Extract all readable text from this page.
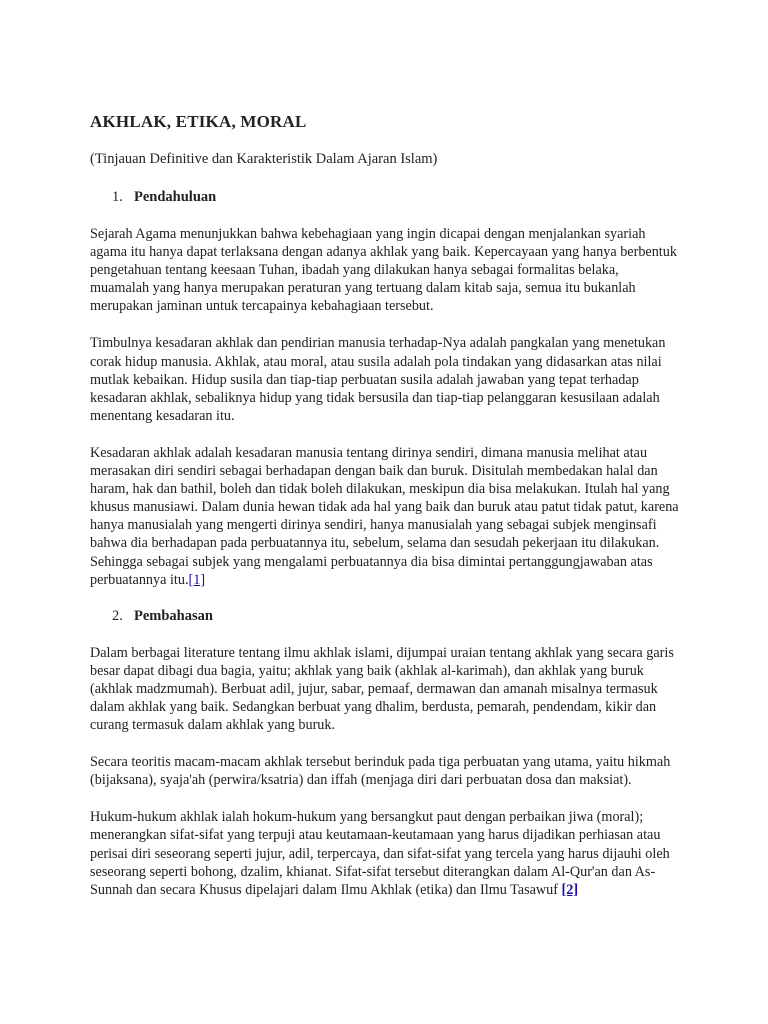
AKHLAK, ETIKA, MORAL
(Tinjauan Definitive dan Karakteristik Dalam Ajaran Islam)
1. Pendahuluan

Sejarah Agama menunjukkan bahwa kebehagiaan yang ingin dicapai dengan menjalankan syariah agama itu hanya dapat terlaksana dengan adanya akhlak yang baik. Kepercayaan yang hanya berbentuk pengetahuan tentang keesaan Tuhan, ibadah yang dilakukan hanya sebagai formalitas belaka, muamalah yang hanya merupakan peraturan yang tertuang dalam kitab saja, semua itu bukanlah merupakan jaminan untuk tercapainya kebahagiaan tersebut.

Timbulnya kesadaran akhlak dan pendirian manusia terhadap-Nya adalah pangkalan yang menetukan corak hidup manusia. Akhlak, atau moral, atau susila adalah pola tindakan yang didasarkan atas nilai mutlak kebaikan. Hidup susila dan tiap-tiap perbuatan susila adalah jawaban yang tepat terhadap kesadaran akhlak, sebaliknya hidup yang tidak bersusila dan tiap-tiap pelanggaran kesusilaan adalah menentang kesadaran itu.

Kesadaran akhlak adalah kesadaran manusia tentang dirinya sendiri, dimana manusia melihat atau merasakan diri sendiri sebagai berhadapan dengan baik dan buruk. Disitulah membedakan halal dan haram, hak dan bathil, boleh dan tidak boleh dilakukan, meskipun dia bisa melakukan. Itulah hal yang khusus manusiawi. Dalam dunia hewan tidak ada hal yang baik dan buruk atau patut tidak patut, karena hanya manusialah yang mengerti dirinya sendiri, hanya manusialah yang sebagai subjek menginsafi bahwa dia berhadapan pada perbuatannya itu, sebelum, selama dan sesudah pekerjaan itu dilakukan. Sehingga sebagai subjek yang mengalami perbuatannya dia bisa dimintai pertanggungjawaban atas perbuatannya itu.[1]

2. Pembahasan

Dalam berbagai literature tentang ilmu akhlak islami, dijumpai uraian tentang akhlak yang secara garis besar dapat dibagi dua bagia, yaitu; akhlak yang baik (akhlak al-karimah), dan akhlak yang buruk (akhlak madzmumah). Berbuat adil, jujur, sabar, pemaaf, dermawan dan amanah misalnya termasuk dalam akhlak yang baik. Sedangkan berbuat yang dhalim, berdusta, pemarah, pendendam, kikir dan curang termasuk dalam akhlak yang buruk.

Secara teoritis macam-macam akhlak tersebut berinduk pada tiga perbuatan yang utama, yaitu hikmah (bijaksana), syaja'ah (perwira/ksatria) dan iffah (menjaga diri dari perbuatan dosa dan maksiat).

Hukum-hukum akhlak ialah hokum-hukum yang bersangkut paut dengan perbaikan jiwa (moral); menerangkan sifat-sifat yang terpuji atau keutamaan-keutamaan yang harus dijadikan perhiasan atau perisai diri seseorang seperti jujur, adil, terpercaya, dan sifat-sifat yang tercela yang harus dijauhi oleh seseorang seperti bohong, dzalim, khianat. Sifat-sifat tersebut diterangkan dalam Al-Qur'an dan As-Sunnah dan secara Khusus dipelajari dalam Ilmu Akhlak (etika) dan Ilmu Tasawuf [2]
